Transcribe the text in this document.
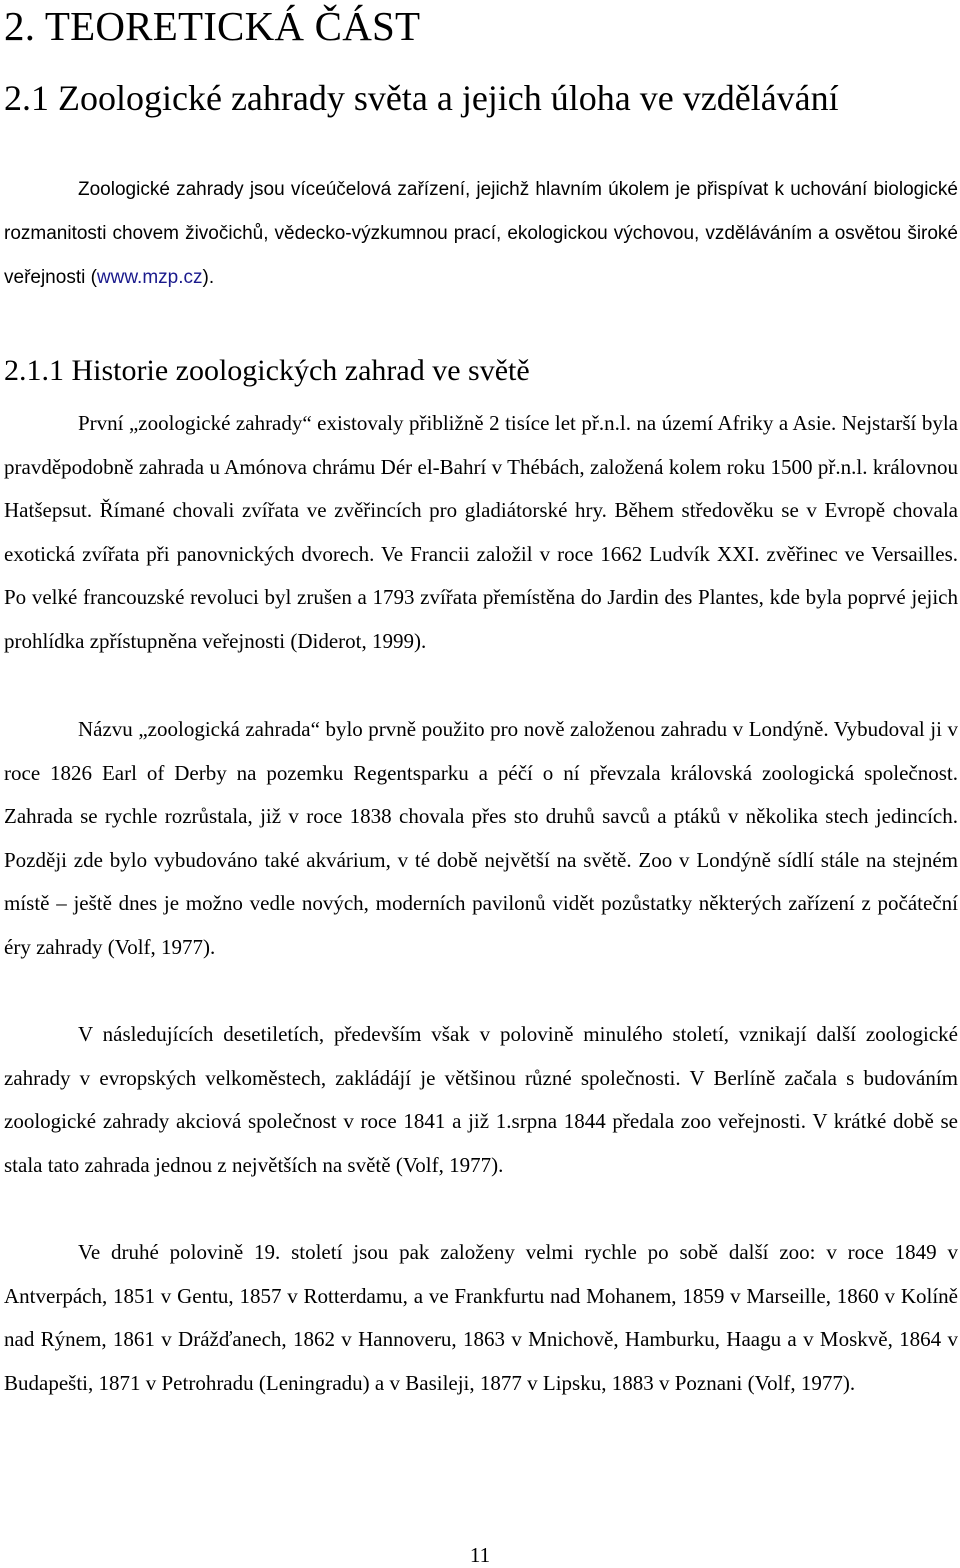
2. TEORETICKÁ ČÁST
2.1 Zoologické zahrady světa a jejich úloha ve vzdělávání

Zoologické zahrady jsou víceúčelová zařízení, jejichž hlavním úkolem je přispívat k uchování biologické rozmanitosti chovem živočichů, vědecko-výzkumnou prací, ekologickou výchovou, vzděláváním a osvětou široké veřejnosti (www.mzp.cz).

2.1.1 Historie zoologických zahrad ve světě

První „zoologické zahrady“ existovaly přibližně 2 tisíce let př.n.l. na území Afriky a Asie. Nejstarší byla pravděpodobně zahrada u Amónova chrámu Dér el-Bahrí v Thébách, založená kolem roku 1500 př.n.l. královnou Hatšepsut. Římané chovali zvířata ve zvěřincích pro gladiátorské hry. Během středověku se v Evropě chovala exotická zvířata při panovnických dvorech. Ve Francii založil v roce 1662 Ludvík XXI. zvěřinec ve Versailles. Po velké francouzské revoluci byl zrušen a 1793 zvířata přemístěna do Jardin des Plantes, kde byla poprvé jejich prohlídka zpřístupněna veřejnosti (Diderot, 1999).

Názvu „zoologická zahrada“ bylo prvně použito pro nově založenou zahradu v Londýně. Vybudoval ji v roce 1826 Earl of Derby na pozemku Regentsparku a péčí o ní převzala královská zoologická společnost. Zahrada se rychle rozrůstala, již v roce 1838 chovala přes sto druhů savců a ptáků v několika stech jedincích. Později zde bylo vybudováno také akvárium, v té době největší na světě. Zoo v Londýně sídlí stále na stejném místě – ještě dnes je možno vedle nových, moderních pavilonů vidět pozůstatky některých zařízení z počáteční éry zahrady (Volf, 1977).

V následujících desetiletích, především však v polovině minulého století, vznikají další zoologické zahrady v evropských velkoměstech, zakládájí je většinou různé společnosti. V Berlíně začala s budováním zoologické zahrady akciová společnost v roce 1841 a již 1.srpna 1844 předala zoo veřejnosti. V krátké době se stala tato zahrada jednou z největších na světě (Volf, 1977).

Ve druhé polovině 19. století jsou pak založeny velmi rychle po sobě další zoo: v roce 1849 v Antverpách, 1851 v Gentu, 1857 v Rotterdamu, a ve Frankfurtu nad Mohanem, 1859 v Marseille, 1860 v Kolíně nad Rýnem, 1861 v Drážďanech, 1862 v Hannoveru, 1863 v Mnichově, Hamburku, Haagu a v Moskvě, 1864 v Budapešti, 1871 v Petrohradu (Leningradu) a v Basileji, 1877 v Lipsku, 1883 v Poznani (Volf, 1977).

11
